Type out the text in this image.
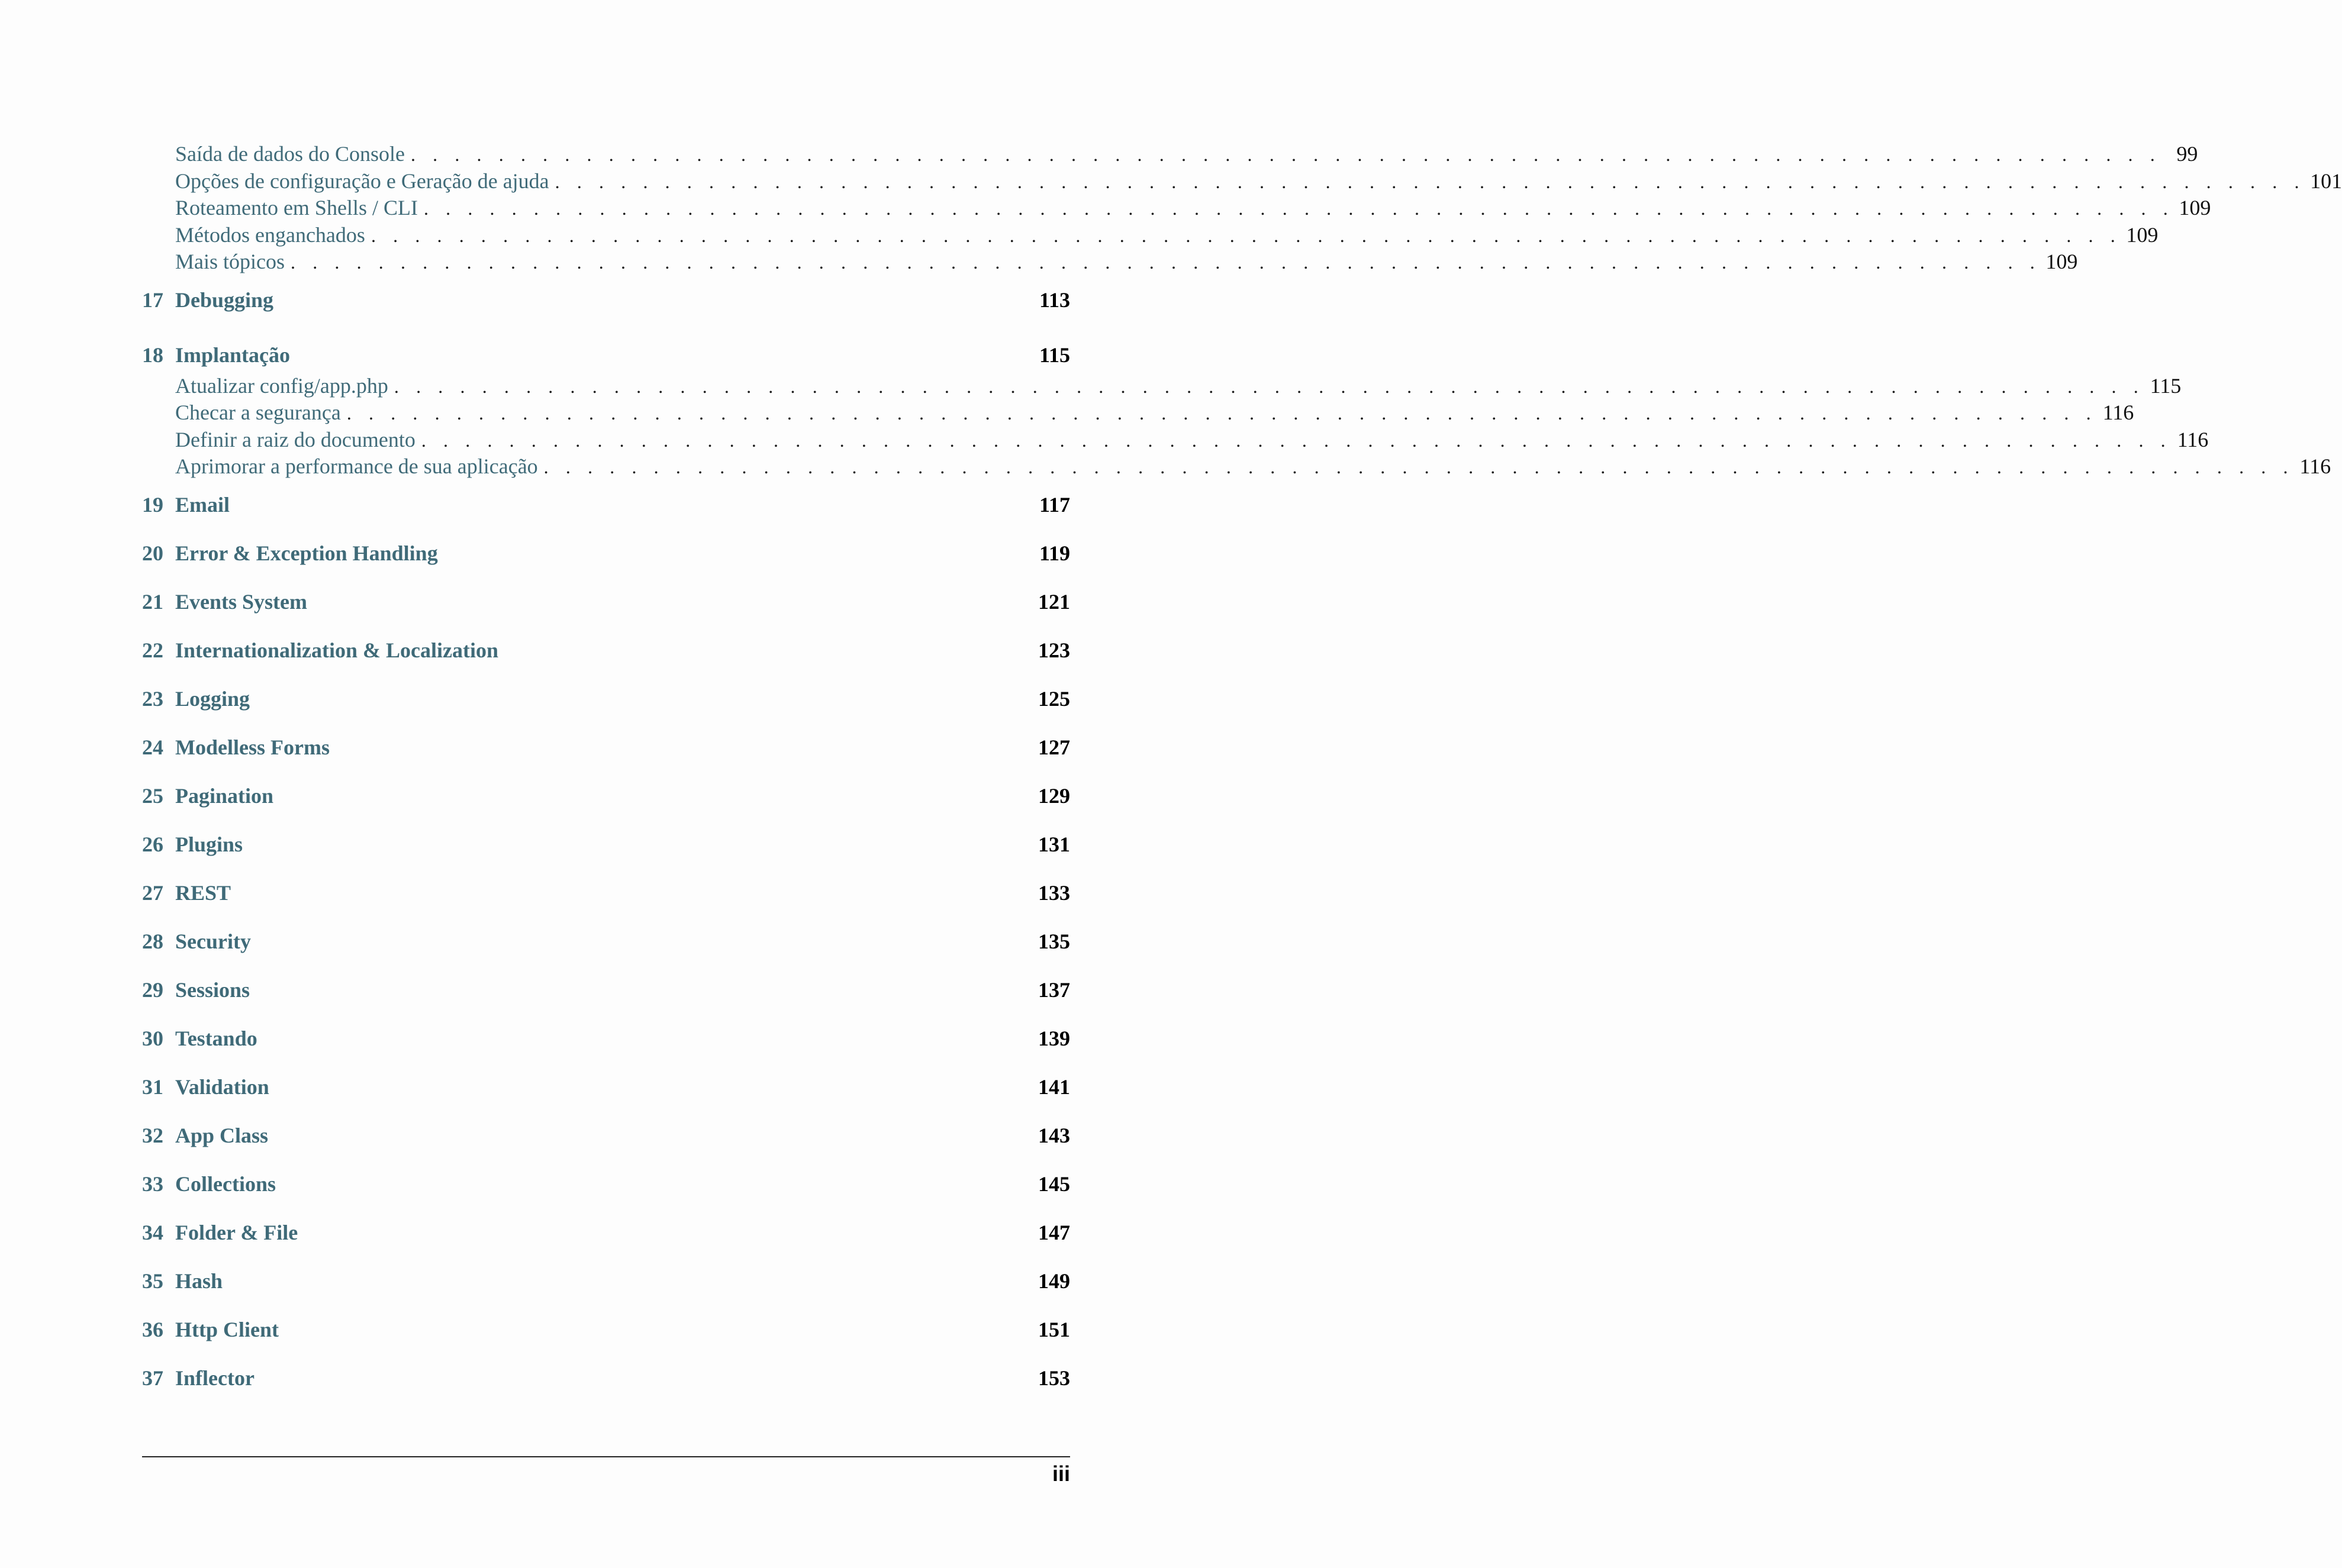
Saída de dados do Console . . . . . . . . . . . . . . . . . . . . . . . . . . . . . . . . . . . . . . . . . . . . . . . . . . . . . . . . . . . . . . . . . . . . . . . . . . . . . . . . 99
Opções de configuração e Geração de ajuda . . . . . . . . . . . . . . . . . . . . . . . . . . . . . . . . . . . . . . . . . . . . . . . . . . . . . . . . . . . . . . . . . . . . . . . . . . . . . . . . 101
Roteamento em Shells / CLI . . . . . . . . . . . . . . . . . . . . . . . . . . . . . . . . . . . . . . . . . . . . . . . . . . . . . . . . . . . . . . . . . . . . . . . . . . . . . . . . 109
Métodos enganchados . . . . . . . . . . . . . . . . . . . . . . . . . . . . . . . . . . . . . . . . . . . . . . . . . . . . . . . . . . . . . . . . . . . . . . . . . . . . . . . . 109
Mais tópicos . . . . . . . . . . . . . . . . . . . . . . . . . . . . . . . . . . . . . . . . . . . . . . . . . . . . . . . . . . . . . . . . . . . . . . . . . . . . . . . . 109
17 Debugging	113
18 Implantação	115
Atualizar config/app.php . . . . . . . . . . . . . . . . . . . . . . . . . . . . . . . . . . . . . . . . . . . . . . . . . . . . . . . . . . . . . . . . . . . . . . . . . . . . . . . . 115
Checar a segurança . . . . . . . . . . . . . . . . . . . . . . . . . . . . . . . . . . . . . . . . . . . . . . . . . . . . . . . . . . . . . . . . . . . . . . . . . . . . . . . . 116
Definir a raiz do documento . . . . . . . . . . . . . . . . . . . . . . . . . . . . . . . . . . . . . . . . . . . . . . . . . . . . . . . . . . . . . . . . . . . . . . . . . . . . . . . . 116
Aprimorar a performance de sua aplicação . . . . . . . . . . . . . . . . . . . . . . . . . . . . . . . . . . . . . . . . . . . . . . . . . . . . . . . . . . . . . . . . . . . . . . . . . . . . . . . . 116
19 Email	117
20 Error & Exception Handling	119
21 Events System	121
22 Internationalization & Localization	123
23 Logging	125
24 Modelless Forms	127
25 Pagination	129
26 Plugins	131
27 REST	133
28 Security	135
29 Sessions	137
30 Testando	139
31 Validation	141
32 App Class	143
33 Collections	145
34 Folder & File	147
35 Hash	149
36 Http Client	151
37 Inflector	153
iii
